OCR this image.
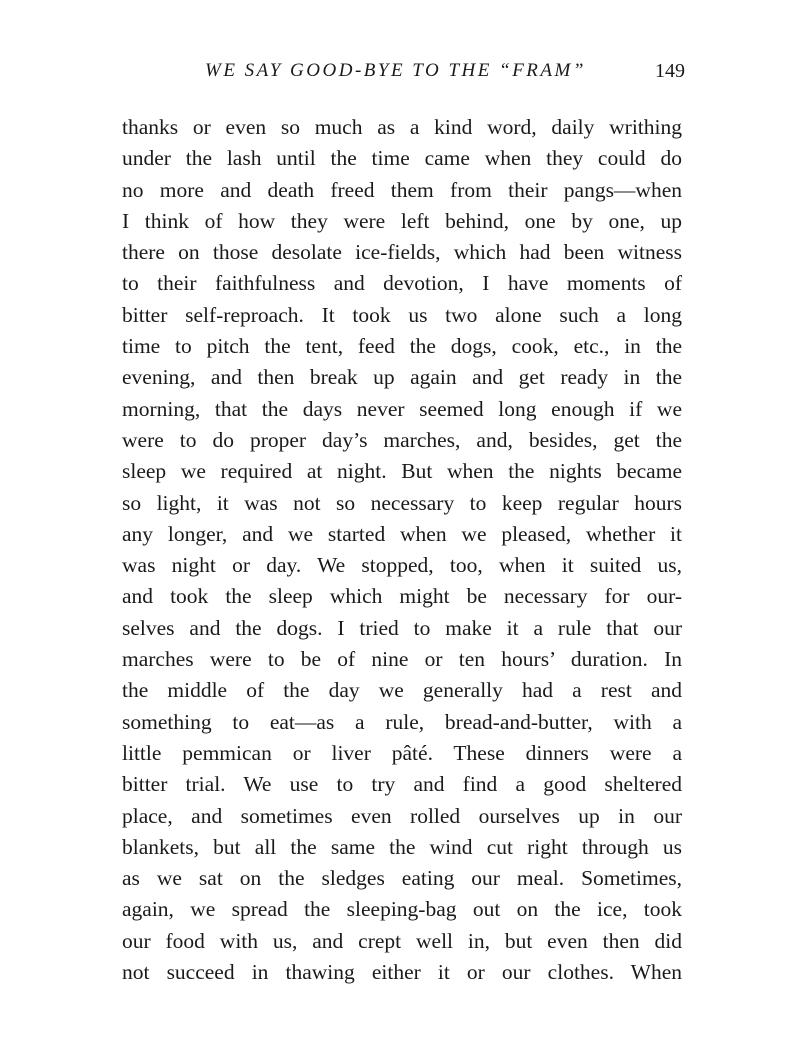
WE SAY GOOD-BYE TO THE “FRAM”	149
thanks or even so much as a kind word, daily writhing
under the lash until the time came when they could do
no more and death freed them from their pangs—when
I think of how they were left behind, one by one, up
there on those desolate ice-fields, which had been witness
to their faithfulness and devotion, I have moments of
bitter self-reproach. It took us two alone such a long
time to pitch the tent, feed the dogs, cook, etc., in the
evening, and then break up again and get ready in the
morning, that the days never seemed long enough if we
were to do proper day’s marches, and, besides, get the
sleep we required at night. But when the nights became
so light, it was not so necessary to keep regular hours
any longer, and we started when we pleased, whether it
was night or day. We stopped, too, when it suited us,
and took the sleep which might be necessary for our-
selves and the dogs. I tried to make it a rule that our
marches were to be of nine or ten hours’ duration. In
the middle of the day we generally had a rest and
something to eat—as a rule, bread-and-butter, with a
little pemmican or liver pâté. These dinners were a
bitter trial. We use to try and find a good sheltered
place, and sometimes even rolled ourselves up in our
blankets, but all the same the wind cut right through us
as we sat on the sledges eating our meal. Sometimes,
again, we spread the sleeping-bag out on the ice, took
our food with us, and crept well in, but even then did
not succeed in thawing either it or our clothes. When
